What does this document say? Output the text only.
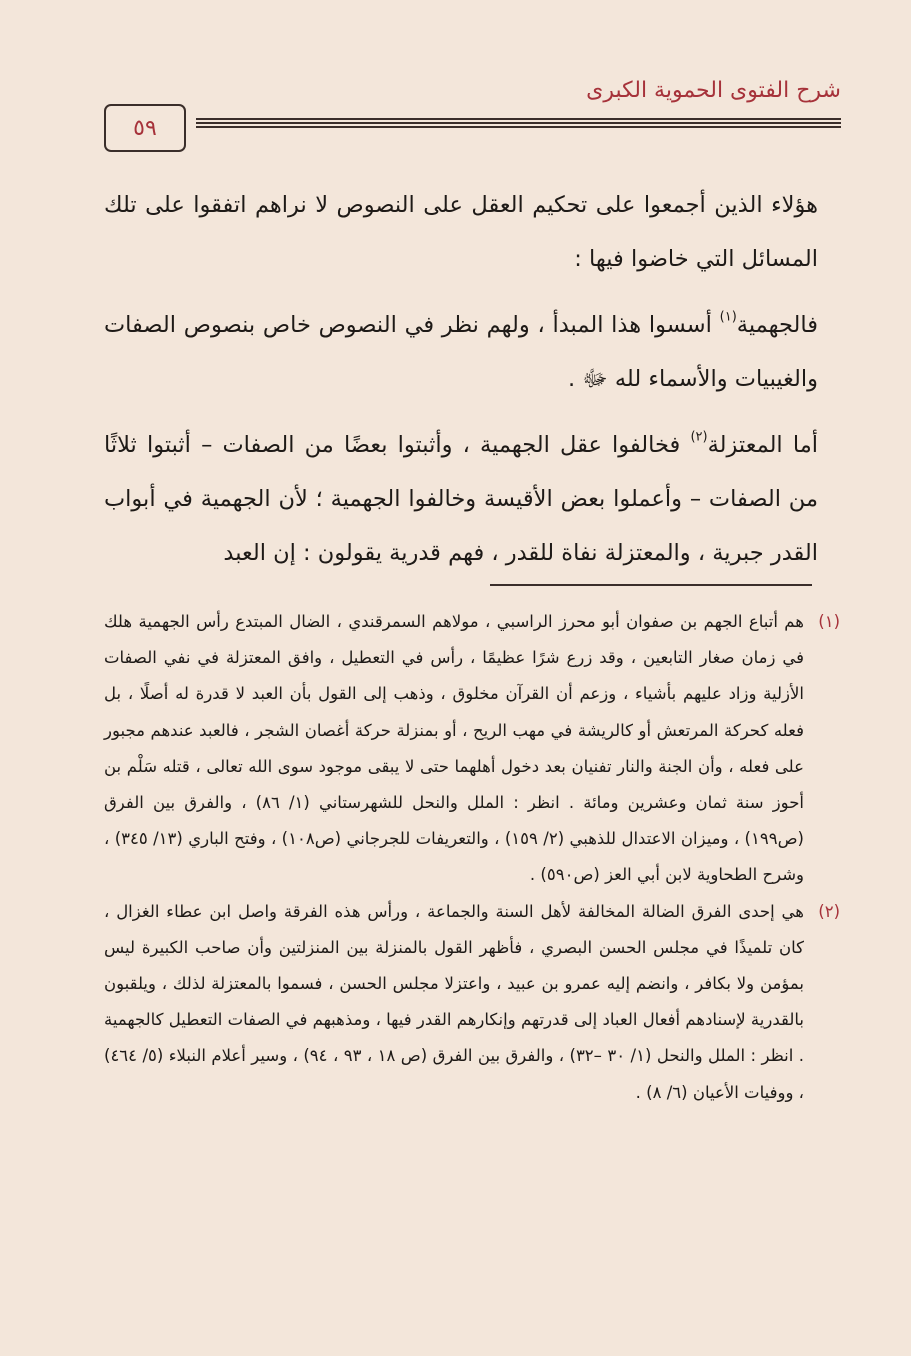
شرح الفتوى الحموية الكبرى
٥٩

هؤلاء الذين أجمعوا على تحكيم العقل على النصوص لا نراهم اتفقوا على تلك المسائل التي خاضوا فيها :

فالجهمية$^{(١)}$ أسسوا هذا المبدأ ، ولهم نظر في النصوص خاص بنصوص الصفات والغيبيات والأسماء لله ﷻ .

أما المعتزلة$^{(٢)}$ فخالفوا عقل الجهمية ، وأثبتوا بعضًا من الصفات – أثبتوا ثلاثًا من الصفات – وأعملوا بعض الأقيسة وخالفوا الجهمية ؛ لأن الجهمية في أبواب القدر جبرية ، والمعتزلة نفاة للقدر ، فهم قدرية يقولون : إن العبد

(١)
هم أتباع الجهم بن صفوان أبو محرز الراسبي ، مولاهم السمرقندي ، الضال المبتدع رأس الجهمية هلك في زمان صغار التابعين ، وقد زرع شرًا عظيمًا ، رأس في التعطيل ، وافق المعتزلة في نفي الصفات الأزلية وزاد عليهم بأشياء ، وزعم أن القرآن مخلوق ، وذهب إلى القول بأن العبد لا قدرة له أصلًا ، بل فعله كحركة المرتعش أو كالريشة في مهب الريح ، أو بمنزلة حركة أغصان الشجر ، فالعبد عندهم مجبور على فعله ، وأن الجنة والنار تفنيان بعد دخول أهلهما حتى لا يبقى موجود سوى الله تعالى ، قتله سَلْم بن أحوز سنة ثمان وعشرين ومائة . انظر : الملل والنحل للشهرستاني (١/ ٨٦) ، والفرق بين الفرق (ص١٩٩) ، وميزان الاعتدال للذهبي (٢/ ١٥٩) ، والتعريفات للجرجاني (ص١٠٨) ، وفتح الباري (١٣/ ٣٤٥) ، وشرح الطحاوية لابن أبي العز (ص٥٩٠) .
(٢)
هي إحدى الفرق الضالة المخالفة لأهل السنة والجماعة ، ورأس هذه الفرقة واصل ابن عطاء الغزال ، كان تلميذًا في مجلس الحسن البصري ، فأظهر القول بالمنزلة بين المنزلتين وأن صاحب الكبيرة ليس بمؤمن ولا بكافر ، وانضم إليه عمرو بن عبيد ، واعتزلا مجلس الحسن ، فسموا بالمعتزلة لذلك ، ويلقبون بالقدرية لإسنادهم أفعال العباد إلى قدرتهم وإنكارهم القدر فيها ، ومذهبهم في الصفات التعطيل كالجهمية . انظر : الملل والنحل (١/ ٣٠ –٣٢) ، والفرق بين الفرق (ص ١٨ ، ٩٣ ، ٩٤) ، وسير أعلام النبلاء (٥/ ٤٦٤) ، ووفيات الأعيان (٦/ ٨) .
